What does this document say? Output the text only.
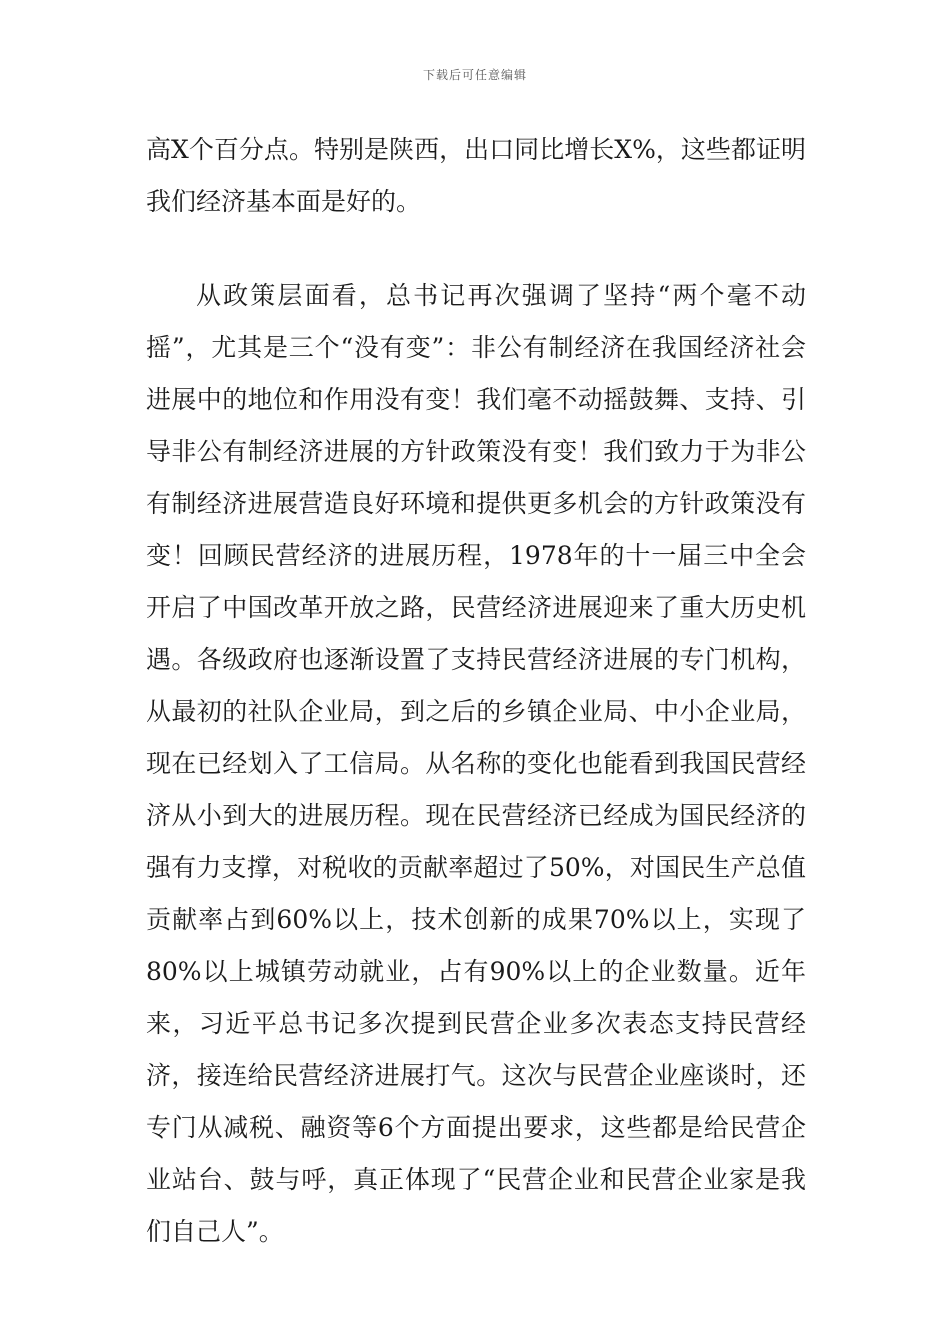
下载后可任意编辑

高X个百分点。特别是陕西，出口同比增长X%，这些都证明我们经济基本面是好的。

从政策层面看，总书记再次强调了坚持“两个毫不动摇”，尤其是三个“没有变”：非公有制经济在我国经济社会进展中的地位和作用没有变！我们毫不动摇鼓舞、支持、引导非公有制经济进展的方针政策没有变！我们致力于为非公有制经济进展营造良好环境和提供更多机会的方针政策没有变！回顾民营经济的进展历程，1978年的十一届三中全会开启了中国改革开放之路，民营经济进展迎来了重大历史机遇。各级政府也逐渐设置了支持民营经济进展的专门机构，从最初的社队企业局，到之后的乡镇企业局、中小企业局，现在已经划入了工信局。从名称的变化也能看到我国民营经济从小到大的进展历程。现在民营经济已经成为国民经济的强有力支撑，对税收的贡献率超过了50%，对国民生产总值贡献率占到60%以上，技术创新的成果70%以上，实现了80%以上城镇劳动就业，占有90%以上的企业数量。近年来，习近平总书记多次提到民营企业多次表态支持民营经济，接连给民营经济进展打气。这次与民营企业座谈时，还专门从减税、融资等6个方面提出要求，这些都是给民营企业站台、鼓与呼，真正体现了“民营企业和民营企业家是我们自己人”。
